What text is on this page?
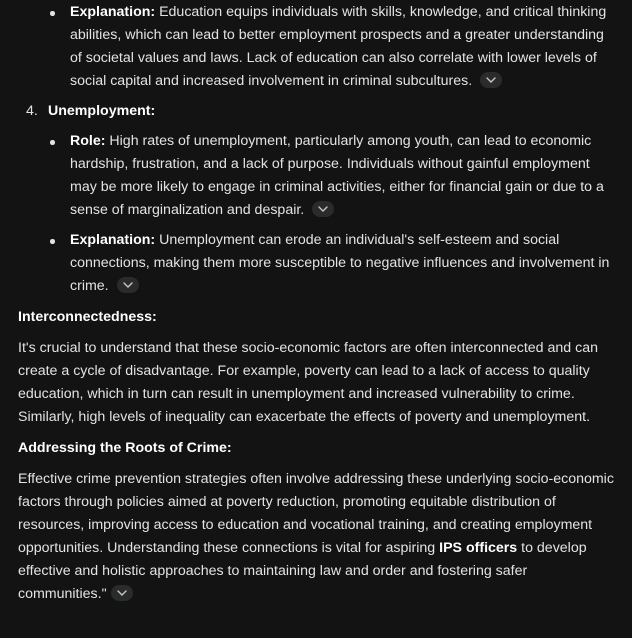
Explanation: Education equips individuals with skills, knowledge, and critical thinking abilities, which can lead to better employment prospects and a greater understanding of societal values and laws. Lack of education can also correlate with lower levels of social capital and increased involvement in criminal subcultures.
4. Unemployment:
Role: High rates of unemployment, particularly among youth, can lead to economic hardship, frustration, and a lack of purpose. Individuals without gainful employment may be more likely to engage in criminal activities, either for financial gain or due to a sense of marginalization and despair.
Explanation: Unemployment can erode an individual's self-esteem and social connections, making them more susceptible to negative influences and involvement in crime.
Interconnectedness:
It's crucial to understand that these socio-economic factors are often interconnected and can create a cycle of disadvantage. For example, poverty can lead to a lack of access to quality education, which in turn can result in unemployment and increased vulnerability to crime. Similarly, high levels of inequality can exacerbate the effects of poverty and unemployment.
Addressing the Roots of Crime:
Effective crime prevention strategies often involve addressing these underlying socio-economic factors through policies aimed at poverty reduction, promoting equitable distribution of resources, improving access to education and vocational training, and creating employment opportunities. Understanding these connections is vital for aspiring IPS officers to develop effective and holistic approaches to maintaining law and order and fostering safer communities."
